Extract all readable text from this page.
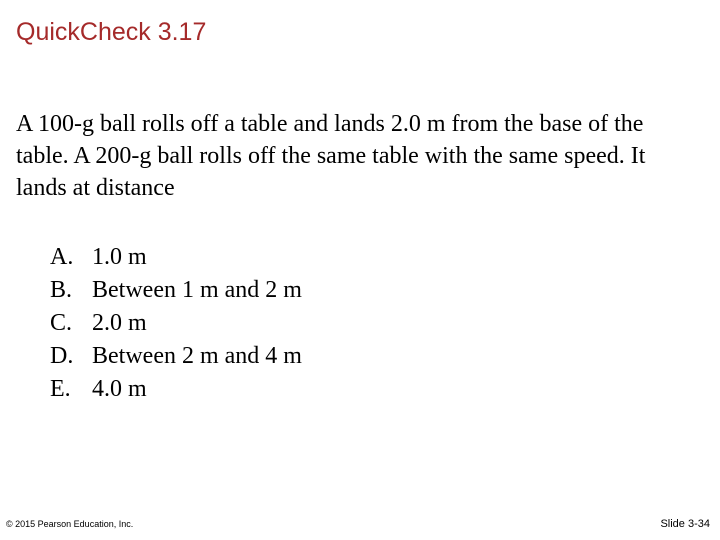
QuickCheck 3.17
A 100-g ball rolls off a table and lands 2.0 m from the base of the table. A 200-g ball rolls off the same table with the same speed. It lands at distance
A. 1.0 m
B. Between 1 m and 2 m
C. 2.0 m
D. Between 2 m and 4 m
E. 4.0 m
© 2015 Pearson Education, Inc.	Slide 3-34
